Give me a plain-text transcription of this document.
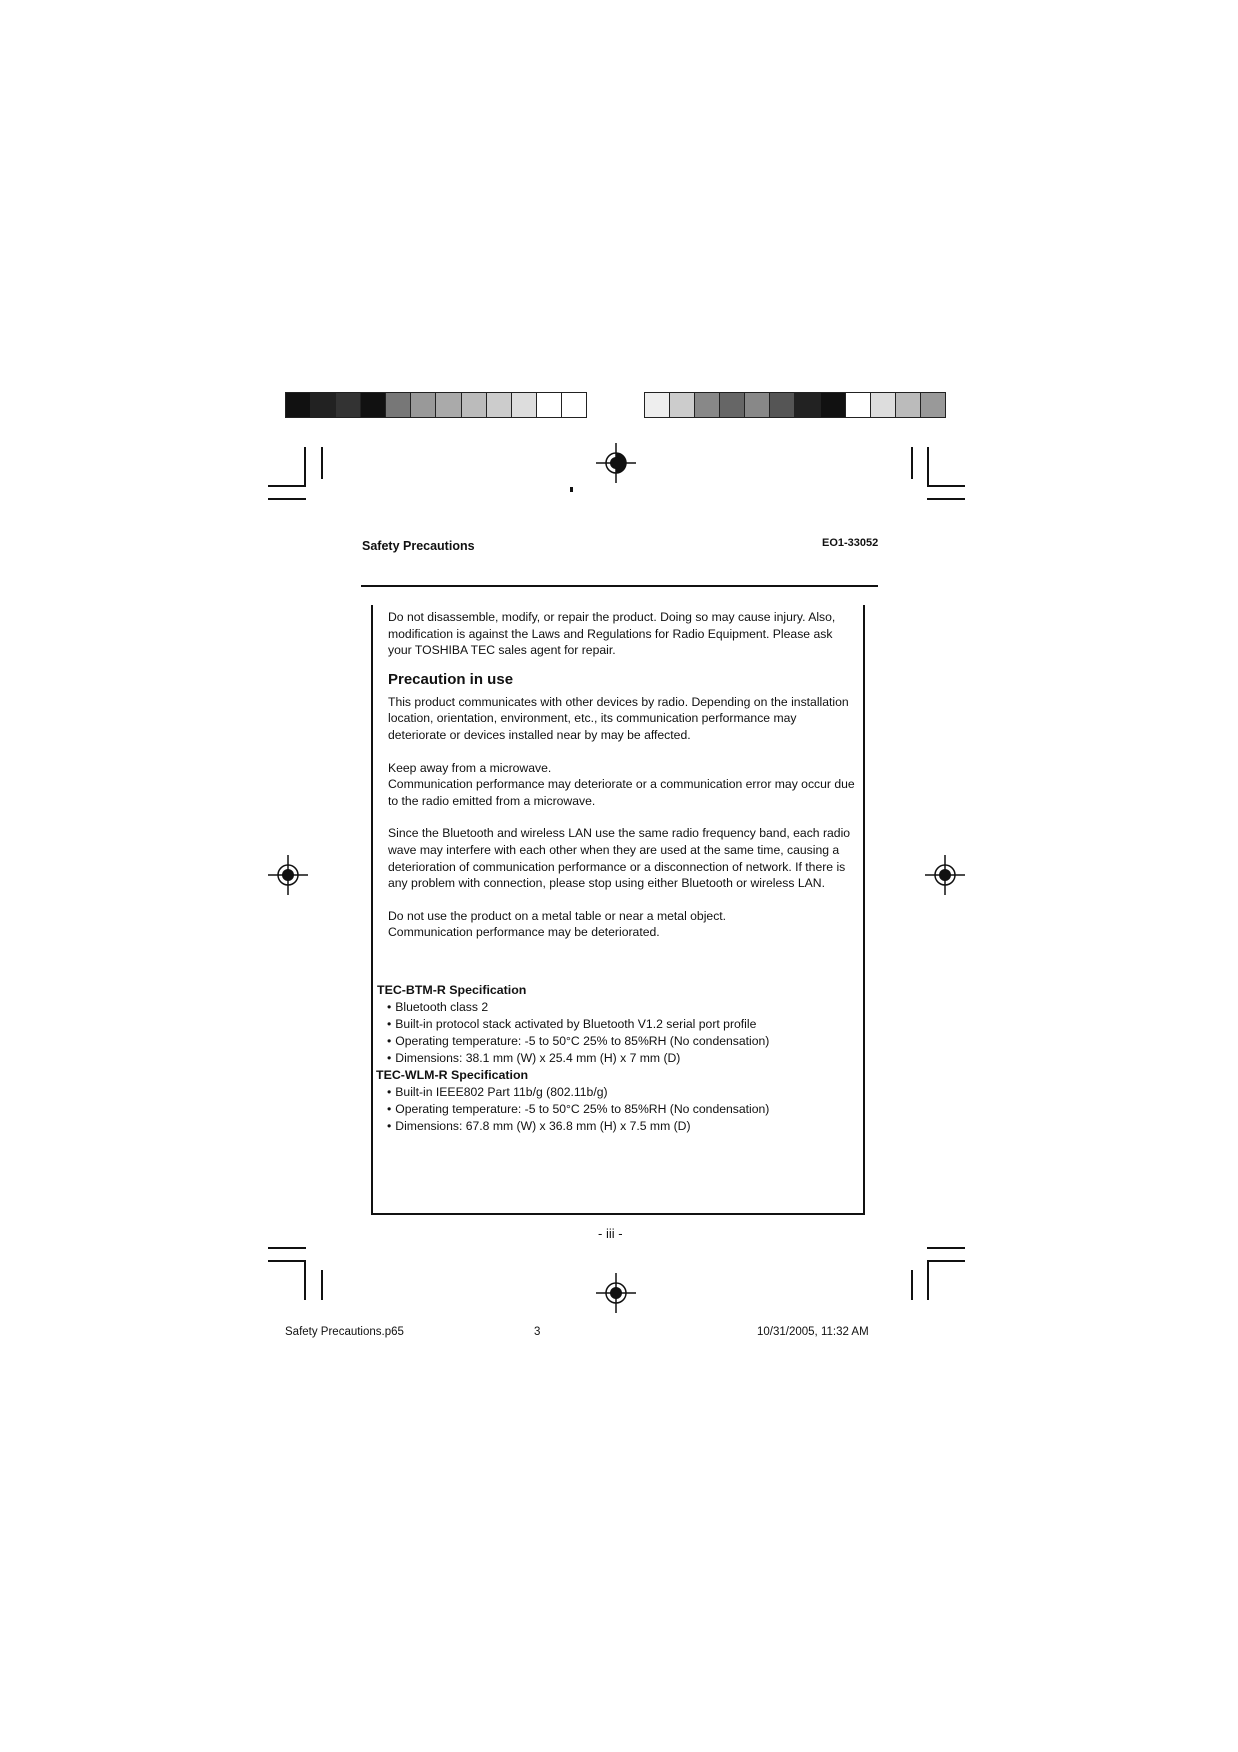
Safety Precautions	EO1-33052

Do not disassemble, modify, or repair the product. Doing so may cause injury. Also, modification is against the Laws and Regulations for Radio Equipment. Please ask your TOSHIBA TEC sales agent for repair.

Precaution in use

This product communicates with other devices by radio. Depending on the installation location, orientation, environment, etc., its communication performance may deteriorate or devices installed near by may be affected.

Keep away from a microwave.

Communication performance may deteriorate or a communication error may occur due to the radio emitted from a microwave.

Since the Bluetooth and wireless LAN use the same radio frequency band, each radio wave may interfere with each other when they are used at the same time, causing a deterioration of communication performance or a disconnection of network. If there is any problem with connection, please stop using either Bluetooth or wireless LAN.

Do not use the product on a metal table or near a metal object.

Communication performance may be deteriorated.

TEC-BTM-R Specification

• Bluetooth class 2
• Built-in protocol stack activated by Bluetooth V1.2 serial port profile
• Operating temperature: -5 to 50°C 25% to 85%RH (No condensation)
• Dimensions: 38.1 mm (W) x 25.4 mm (H) x 7 mm (D)

TEC-WLM-R Specification

• Built-in IEEE802 Part 11b/g (802.11b/g)
• Operating temperature: -5 to 50°C 25% to 85%RH (No condensation)
• Dimensions: 67.8 mm (W) x 36.8 mm (H) x 7.5 mm (D)
- iii -
Safety Precautions.p65	3	10/31/2005, 11:32 AM
